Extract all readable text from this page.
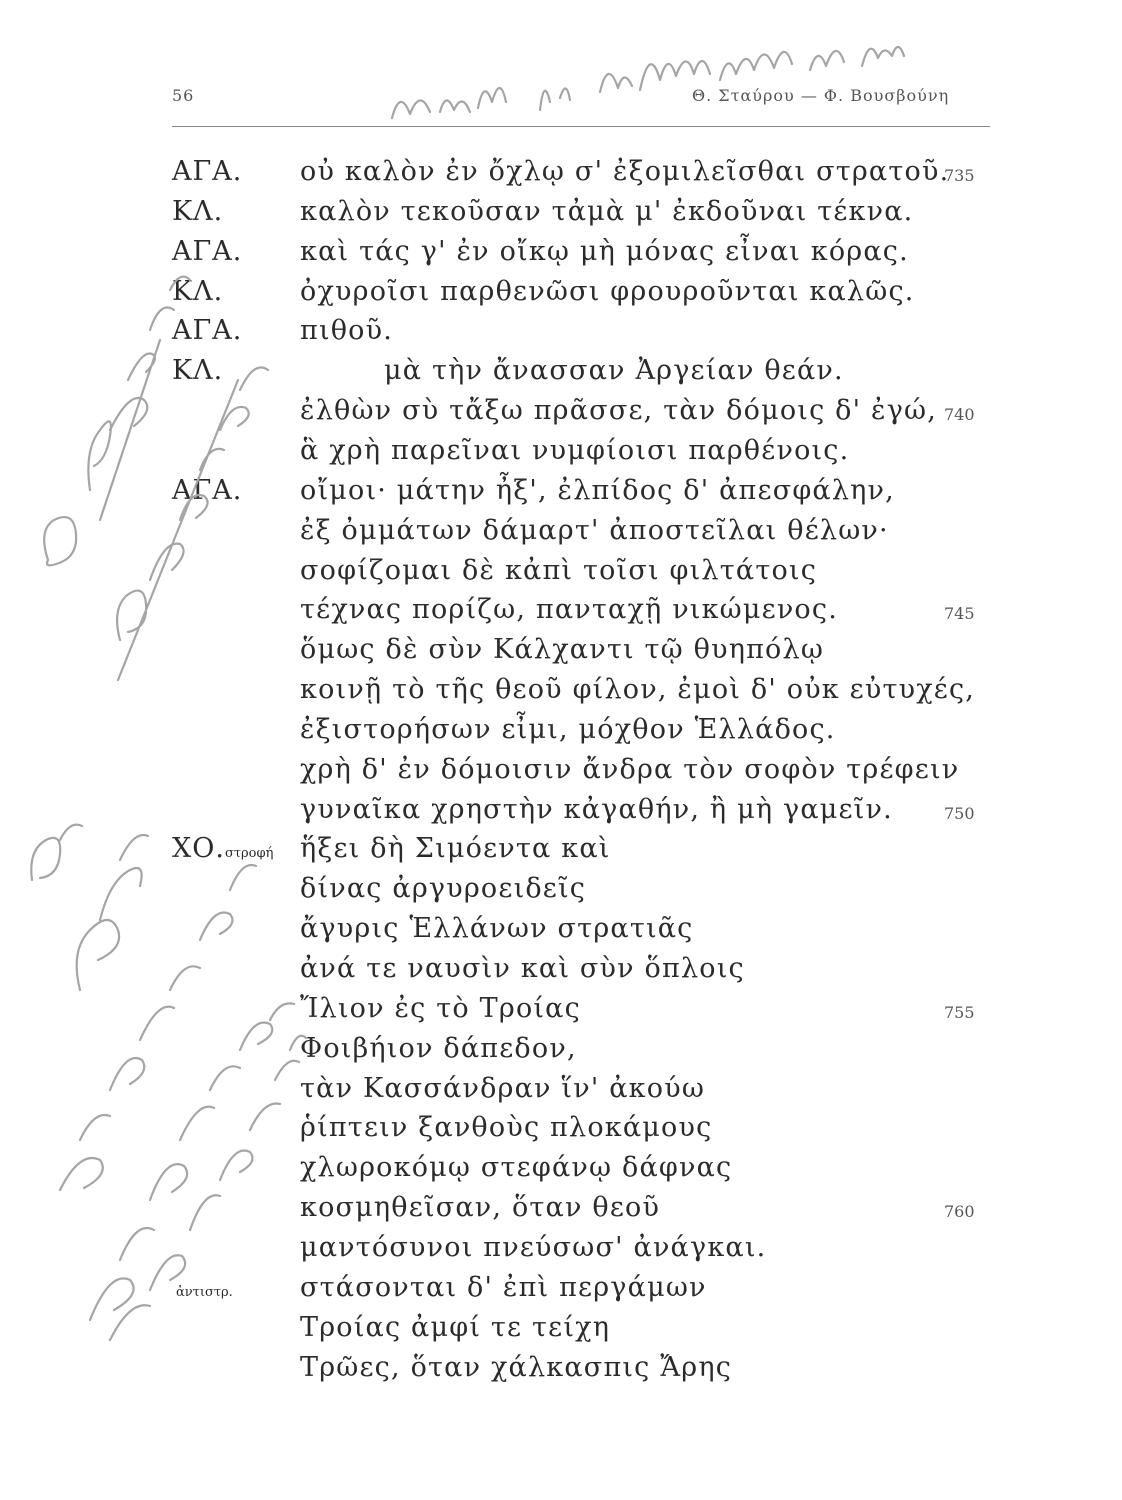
56	Θ. Σταύρου — Φ. Βουσβούνη
ΑΓΑ. οὐ καλὸν ἐν ὄχλῳ σ' ἐξομιλεῖσθαι στρατοῦ.
735
ΚΛ.	καλὸν τεκοῦσαν τἀμὰ μ' ἐκδοῦναι τέκνα.
ΑΓΑ. καὶ τάς γ' ἐν οἴκῳ μὴ μόνας εἶναι κόρας.
ΚΛ.	ὀχυροῖσι παρθενῶσι φρουροῦνται καλῶς.
ΑΓΑ. πιθοῦ.
ΚΛ.	μὰ τὴν ἄνασσαν Ἀργείαν θεάν.
ἐλθὼν σὺ τἄξω πρᾶσσε, τὰν δόμοις δ' ἐγώ, 740
ἃ χρὴ παρεῖναι νυμφίοισι παρθένοις.
ΑΓΑ. οἴμοι· μάτην ἦξ', ἐλπίδος δ' ἀπεσφάλην,
ἐξ ὀμμάτων δάμαρτ' ἀποστεῖλαι θέλων·
σοφίζομαι δὲ κἀπὶ τοῖσι φιλτάτοις
τέχνας πορίζω, πανταχῇ νικώμενος.	745
ὅμως δὲ σὺν Κάλχαντι τῷ θυηπόλῳ
κοινῇ τὸ τῆς θεοῦ φίλον, ἐμοὶ δ' οὐκ εὐτυχές,
ἐξιστορήσων εἶμι, μόχθον Ἑλλάδος.
χρὴ δ' ἐν δόμοισιν ἄνδρα τὸν σοφὸν τρέφειν
γυναῖκα χρηστὴν κἀγαθήν, ἢ μὴ γαμεῖν.	750
ΧΟ.στροφή ἥξει δὴ Σιμόεντα καὶ
δίνας ἀργυροειδεῖς
ἄγυρις Ἑλλάνων στρατιᾶς
ἀνά τε ναυσὶν καὶ σὺν ὅπλοις
Ἴλιον ἐς τὸ Τροίας	755
Φοιβήιον δάπεδον,
τὰν Κασσάνδραν ἵν' ἀκούω
ῥίπτειν ξανθοὺς πλοκάμους
χλωροκόμῳ στεφάνῳ δάφνας
κοσμηθεῖσαν, ὅταν θεοῦ	760
μαντόσυνοι πνεύσωσ' ἀνάγκαι.
ἀντιστρ. στάσονται δ' ἐπὶ περγάμων
Τροίας ἀμφί τε τείχη
Τρῶες, ὅταν χάλκασπις Ἄρης
